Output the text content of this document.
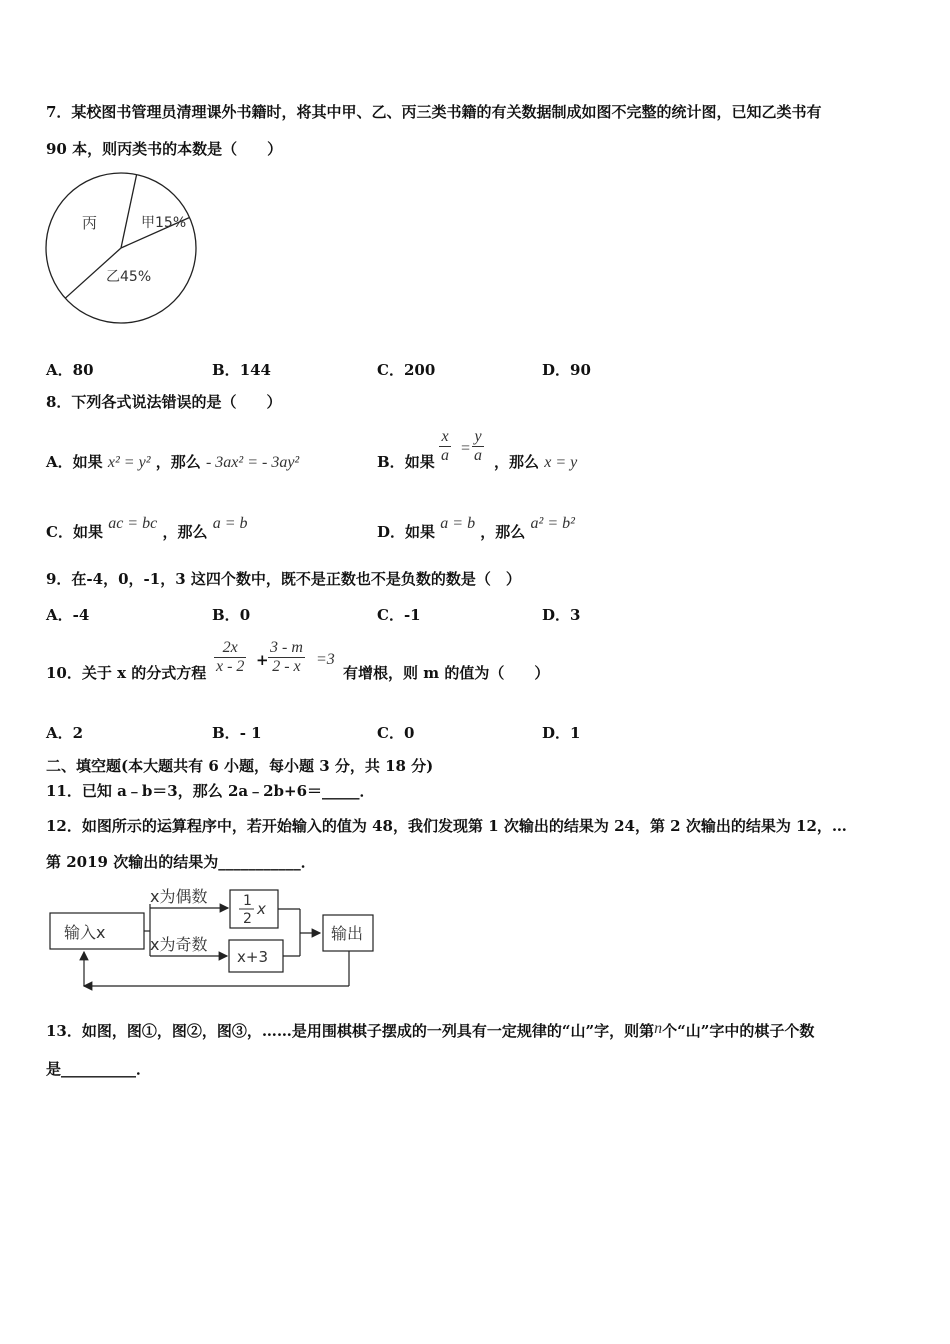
7．某校图书管理员清理课外书籍时，将其中甲、乙、丙三类书籍的有关数据制成如图不完整的统计图，已知乙类书有
90 本，则丙类书的本数是（　　）
丙	甲15%
乙45%
A．80	B．144	C．200	D．90
8．下列各式说法错误的是（　　）
A．如果 x² = y² ，那么 - 3ax² = - 3ay²	B．如果 $\frac{x}{a} = \frac{y}{a}$ ，那么 x = y
C．如果 ac = bc ，那么 a = b	D．如果 a = b ，那么 a² = b²
9．在-4，0，-1，3 这四个数中，既不是正数也不是负数的数是（　）
A．-4	B．0	C．-1	D．3
10．关于 x 的分式方程 $\frac{2x}{x - 2} + \frac{3 - m}{2 - x} =3$
有增根，则 m 的值为（　　）
A．2	B．- 1	C．0	D．1
二、填空题(本大题共有 6 小题，每小题 3 分，共 18 分)
11．已知 a﹣b＝3，那么 2a﹣2b+6＝_____．
12．如图所示的运算程序中，若开始输入的值为 48，我们发现第 1 次输出的结果为 24，第 2 次输出的结果为 12，…
第 2019 次输出的结果为___________．
输入x
x为偶数
x为奇数
1
2
x
x+3
输出
13．如图，图①，图②，图③，……是用围棋棋子摆成的一列具有一定规律的“山”字，则第n个“山”字中的棋子个数
是__________．
